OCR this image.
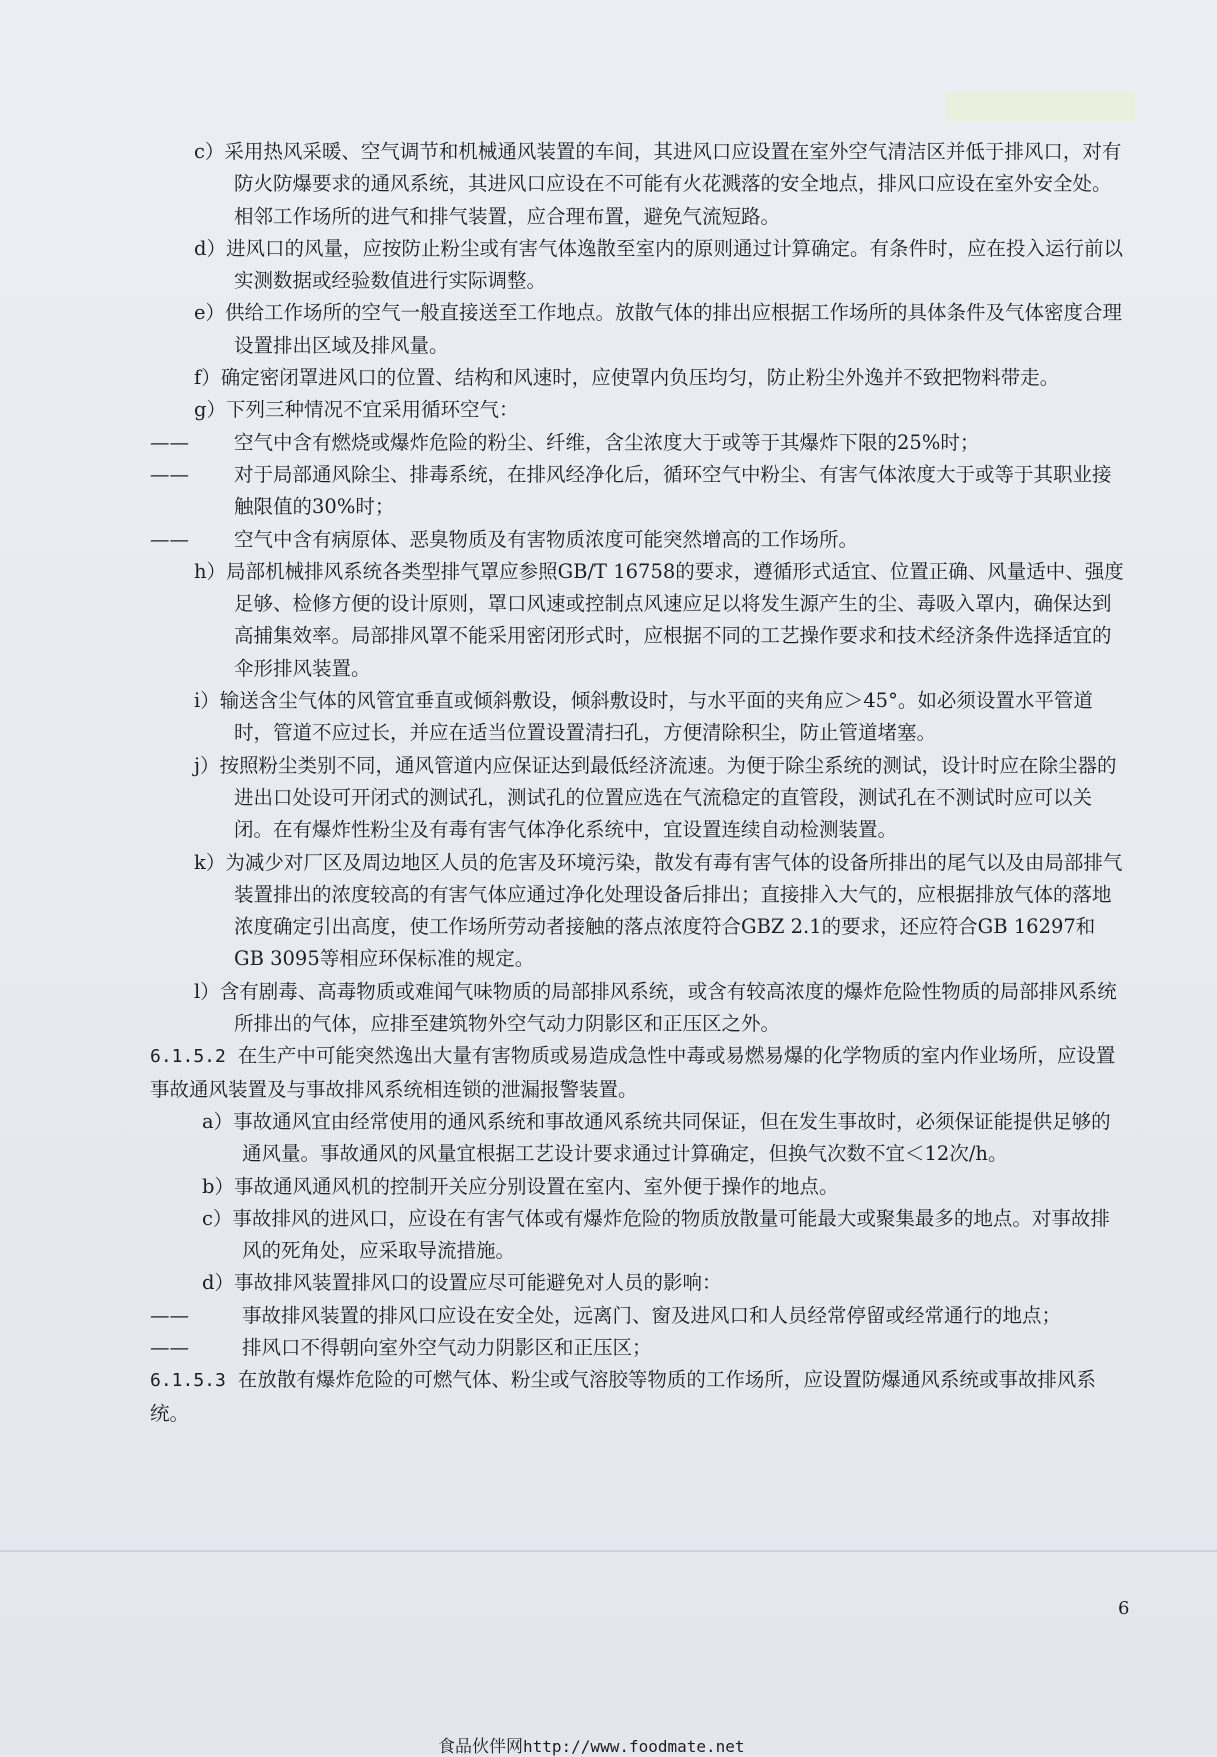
c）采用热风采暖、空气调节和机械通风装置的车间，其进风口应设置在室外空气清洁区并低于排风口，对有防火防爆要求的通风系统，其进风口应设在不可能有火花溅落的安全地点，排风口应设在室外安全处。相邻工作场所的进气和排气装置，应合理布置，避免气流短路。
d）进风口的风量，应按防止粉尘或有害气体逸散至室内的原则通过计算确定。有条件时，应在投入运行前以实测数据或经验数值进行实际调整。
e）供给工作场所的空气一般直接送至工作地点。放散气体的排出应根据工作场所的具体条件及气体密度合理设置排出区域及排风量。
f）确定密闭罩进风口的位置、结构和风速时，应使罩内负压均匀，防止粉尘外逸并不致把物料带走。
g）下列三种情况不宜采用循环空气：
—— 空气中含有燃烧或爆炸危险的粉尘、纤维，含尘浓度大于或等于其爆炸下限的25%时；
—— 对于局部通风除尘、排毒系统，在排风经净化后，循环空气中粉尘、有害气体浓度大于或等于其职业接触限值的30%时；
—— 空气中含有病原体、恶臭物质及有害物质浓度可能突然增高的工作场所。
h）局部机械排风系统各类型排气罩应参照GB/T 16758的要求，遵循形式适宜、位置正确、风量适中、强度足够、检修方便的设计原则，罩口风速或控制点风速应足以将发生源产生的尘、毒吸入罩内，确保达到高捕集效率。局部排风罩不能采用密闭形式时，应根据不同的工艺操作要求和技术经济条件选择适宜的伞形排风装置。
i）输送含尘气体的风管宜垂直或倾斜敷设，倾斜敷设时，与水平面的夹角应＞45°。如必须设置水平管道时，管道不应过长，并应在适当位置设置清扫孔，方便清除积尘，防止管道堵塞。
j）按照粉尘类别不同，通风管道内应保证达到最低经济流速。为便于除尘系统的测试，设计时应在除尘器的进出口处设可开闭式的测试孔，测试孔的位置应选在气流稳定的直管段，测试孔在不测试时应可以关闭。在有爆炸性粉尘及有毒有害气体净化系统中，宜设置连续自动检测装置。
k）为减少对厂区及周边地区人员的危害及环境污染，散发有毒有害气体的设备所排出的尾气以及由局部排气装置排出的浓度较高的有害气体应通过净化处理设备后排出；直接排入大气的，应根据排放气体的落地浓度确定引出高度，使工作场所劳动者接触的落点浓度符合GBZ 2.1的要求，还应符合GB 16297和GB 3095等相应环保标准的规定。
l）含有剧毒、高毒物质或难闻气味物质的局部排风系统，或含有较高浓度的爆炸危险性物质的局部排风系统所排出的气体，应排至建筑物外空气动力阴影区和正压区之外。
6.1.5.2 在生产中可能突然逸出大量有害物质或易造成急性中毒或易燃易爆的化学物质的室内作业场所，应设置事故通风装置及与事故排风系统相连锁的泄漏报警装置。
a）事故通风宜由经常使用的通风系统和事故通风系统共同保证，但在发生事故时，必须保证能提供足够的通风量。事故通风的风量宜根据工艺设计要求通过计算确定，但换气次数不宜＜12次/h。
b）事故通风通风机的控制开关应分别设置在室内、室外便于操作的地点。
c）事故排风的进风口，应设在有害气体或有爆炸危险的物质放散量可能最大或聚集最多的地点。对事故排风的死角处，应采取导流措施。
d）事故排风装置排风口的设置应尽可能避免对人员的影响：
——	事故排风装置的排风口应设在安全处，远离门、窗及进风口和人员经常停留或经常通行的地点；
——	排风口不得朝向室外空气动力阴影区和正压区；
6.1.5.3 在放散有爆炸危险的可燃气体、粉尘或气溶胶等物质的工作场所，应设置防爆通风系统或事故排风系统。
6
食品伙伴网http://www.foodmate.net
